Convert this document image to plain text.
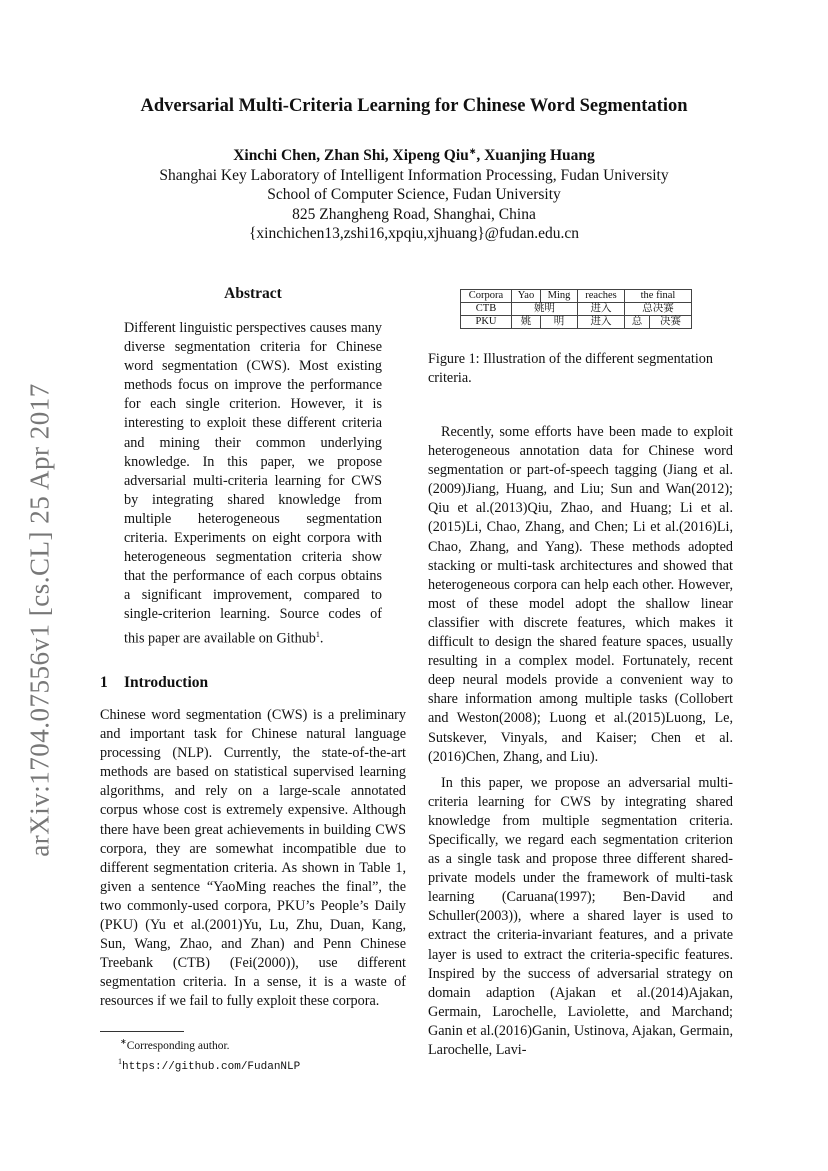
arXiv:1704.07556v1 [cs.CL] 25 Apr 2017
Adversarial Multi-Criteria Learning for Chinese Word Segmentation
Xinchi Chen, Zhan Shi, Xipeng Qiu∗, Xuanjing Huang
Shanghai Key Laboratory of Intelligent Information Processing, Fudan University
School of Computer Science, Fudan University
825 Zhangheng Road, Shanghai, China
{xinchichen13,zshi16,xpqiu,xjhuang}@fudan.edu.cn
Abstract

Different linguistic perspectives causes many diverse segmentation criteria for Chinese word segmentation (CWS). Most existing methods focus on improve the performance for each single criterion. However, it is interesting to exploit these different criteria and mining their common underlying knowledge. In this paper, we propose adversarial multi-criteria learning for CWS by integrating shared knowledge from multiple heterogeneous segmentation criteria. Experiments on eight corpora with heterogeneous segmentation criteria show that the performance of each corpus obtains a significant improvement, compared to single-criterion learning. Source codes of this paper are available on Github$^1$.

1 Introduction

Chinese word segmentation (CWS) is a preliminary and important task for Chinese natural language processing (NLP). Currently, the state-of-the-art methods are based on statistical supervised learning algorithms, and rely on a large-scale annotated corpus whose cost is extremely expensive. Although there have been great achievements in building CWS corpora, they are somewhat incompatible due to different segmentation criteria. As shown in Table 1, given a sentence “YaoMing reaches the final”, the two commonly-used corpora, PKU’s People’s Daily (PKU) (Yu et al.(2001)Yu, Lu, Zhu, Duan, Kang, Sun, Wang, Zhao, and Zhan) and Penn Chinese Treebank (CTB) (Fei(2000)), use different segmentation criteria. In a sense, it is a waste of resources if we fail to fully exploit these corpora.

∗Corresponding author.
$^1$https://github.com/FudanNLP
Corpora	Yao	Ming	reaches	the final	
CTB	姚明		进入	总决赛	
PKU	姚	明	进入	总	决赛
Figure 1: Illustration of the different segmentation criteria.

Recently, some efforts have been made to exploit heterogeneous annotation data for Chinese word segmentation or part-of-speech tagging (Jiang et al.(2009)Jiang, Huang, and Liu; Sun and Wan(2012); Qiu et al.(2013)Qiu, Zhao, and Huang; Li et al.(2015)Li, Chao, Zhang, and Chen; Li et al.(2016)Li, Chao, Zhang, and Yang). These methods adopted stacking or multi-task architectures and showed that heterogeneous corpora can help each other. However, most of these model adopt the shallow linear classifier with discrete features, which makes it difficult to design the shared feature spaces, usually resulting in a complex model. Fortunately, recent deep neural models provide a convenient way to share information among multiple tasks (Collobert and Weston(2008); Luong et al.(2015)Luong, Le, Sutskever, Vinyals, and Kaiser; Chen et al.(2016)Chen, Zhang, and Liu).

In this paper, we propose an adversarial multi-criteria learning for CWS by integrating shared knowledge from multiple segmentation criteria. Specifically, we regard each segmentation criterion as a single task and propose three different shared-private models under the framework of multi-task learning (Caruana(1997); Ben-David and Schuller(2003)), where a shared layer is used to extract the criteria-invariant features, and a private layer is used to extract the criteria-specific features. Inspired by the success of adversarial strategy on domain adaption (Ajakan et al.(2014)Ajakan, Germain, Larochelle, Laviolette, and Marchand; Ganin et al.(2016)Ganin, Ustinova, Ajakan, Germain, Larochelle, Lavi-
